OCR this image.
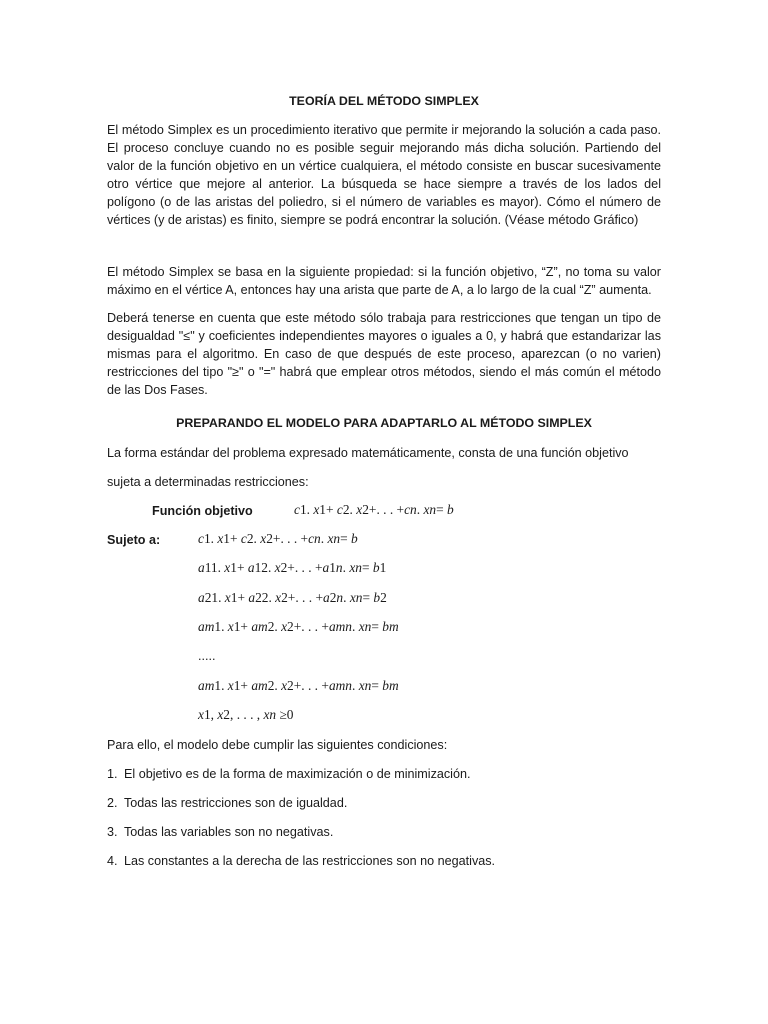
TEORÍA DEL MÉTODO SIMPLEX

El método Simplex es un procedimiento iterativo que permite ir mejorando la solución a cada paso. El proceso concluye cuando no es posible seguir mejorando más dicha solución. Partiendo del valor de la función objetivo en un vértice cualquiera, el método consiste en buscar sucesivamente otro vértice que mejore al anterior. La búsqueda se hace siempre a través de los lados del polígono (o de las aristas del poliedro, si el número de variables es mayor). Cómo el número de vértices (y de aristas) es finito, siempre se podrá encontrar la solución. (Véase método Gráfico)

El método Simplex se basa en la siguiente propiedad: si la función objetivo, “Z”, no toma su valor máximo en el vértice A, entonces hay una arista que parte de A, a lo largo de la cual “Z” aumenta.

Deberá tenerse en cuenta que este método sólo trabaja para restricciones que tengan un tipo de desigualdad "≤" y coeficientes independientes mayores o iguales a 0, y habrá que estandarizar las mismas para el algoritmo. En caso de que después de este proceso, aparezcan (o no varien) restricciones del tipo "≥" o "=" habrá que emplear otros métodos, siendo el más común el método de las Dos Fases.

PREPARANDO EL MODELO PARA ADAPTARLO AL MÉTODO SIMPLEX

La forma estándar del problema expresado matemáticamente, consta de una función objetivo

sujeta a determinadas restricciones:

Función objetivo	c1. x1+ c2. x2+. . . +cn. xn= b

Sujeto a:	c1. x1+ c2. x2+. . . +cn. xn= b

a11. x1+ a12. x2+. . . +a1n. xn= b1

a21. x1+ a22. x2+. . . +a2n. xn= b2

am1. x1+ am2. x2+. . . +amn. xn= bm

.....

am1. x1+ am2. x2+. . . +amn. xn= bm

x1, x2, . . . , xn ≥0

Para ello, el modelo debe cumplir las siguientes condiciones:

1. El objetivo es de la forma de maximización o de minimización.

2. Todas las restricciones son de igualdad.

3. Todas las variables son no negativas.

4. Las constantes a la derecha de las restricciones son no negativas.
